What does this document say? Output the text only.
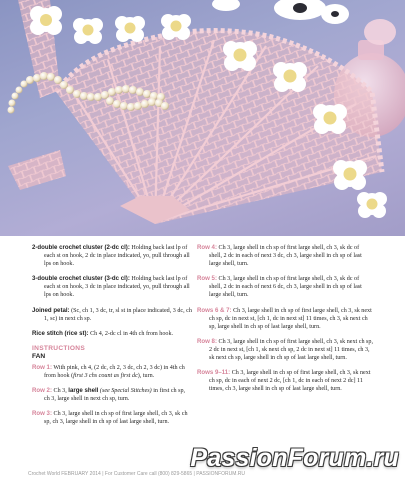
2-double crochet cluster (2-dc cl): Holding back last lp of each st on hook, 2 dc in place indicated, yo, pull through all lps on hook.
3-double crochet cluster (3-dc cl): Holding back last lp of each st on hook, 3 dc in place indicated, yo, pull through all lps on hook.
Joined petal: (Sc, ch 1, 3 dc, tr, sl st in place indicated, 3 dc, ch 1, sc) in next ch sp.
Rice stitch (rice st): Ch 4, 2-dc cl in 4th ch from hook.
INSTRUCTIONS
FAN
Row 1: With pink, ch 4, (2 dc, ch 2, 3 dc, ch 2, 3 dc) in 4th ch from hook (first 3 chs count as first dc), turn.
Row 2: Ch 3, large shell (see Special Stitches) in first ch sp, ch 3, large shell in next ch sp, turn.
Row 3: Ch 3, large shell in ch sp of first large shell, ch 3, sk ch sp, ch 3, large shell in ch sp of last large shell, turn.
Row 4: Ch 3, large shell in ch sp of first large shell, ch 3, sk dc of shell, 2 dc in each of next 3 dc, ch 3, large shell in ch sp of last large shell, turn.
Row 5: Ch 3, large shell in ch sp of first large shell, ch 3, sk dc of shell, 2 dc in each of next 6 dc, ch 3, large shell in ch sp of last large shell, turn.
Rows 6 & 7: Ch 3, large shell in ch sp of first large shell, ch 3, sk next ch sp, dc in next st, [ch 1, dc in next st] 11 times, ch 3, sk next ch sp, large shell in ch sp of last large shell, turn.
Row 8: Ch 3, large shell in ch sp of first large shell, ch 3, sk next ch sp, 2 dc in next st, [ch 1, sk next ch sp, 2 dc in next st] 11 times, ch 3, sk next ch sp, large shell in ch sp of last large shell, turn.
Rows 9–11: Ch 3, large shell in ch sp of first large shell, ch 3, sk next ch sp, dc in each of next 2 dc, [ch 1, dc in each of next 2 dc] 11 times, ch 3, large shell in ch sp of last large shell, turn.
Crochet World FEBRUARY 2014 | For Customer Care call (800) 829-5865 | PASSIONFORUM.RU
PassionForum.ru
